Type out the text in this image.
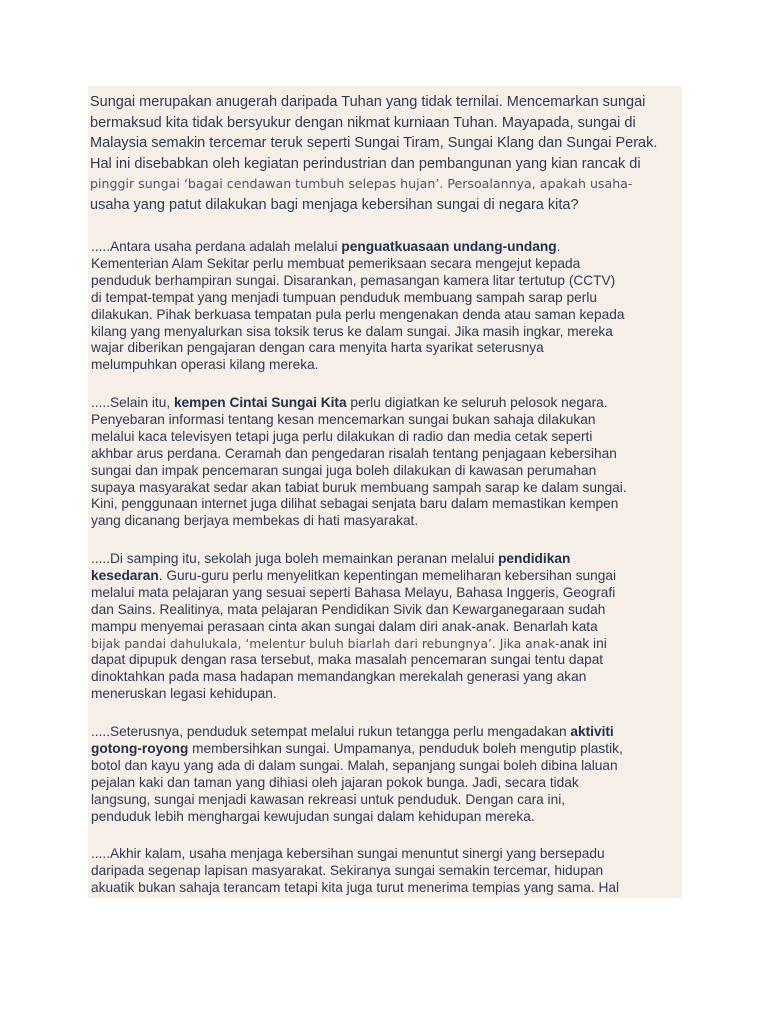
Sungai merupakan anugerah daripada Tuhan yang tidak ternilai. Mencemarkan sungai
bermaksud kita tidak bersyukur dengan nikmat kurniaan Tuhan. Mayapada, sungai di
Malaysia semakin tercemar teruk seperti Sungai Tiram, Sungai Klang dan Sungai Perak.
Hal ini disebabkan oleh kegiatan perindustrian dan pembangunan yang kian rancak di
pinggir sungai ‘bagai cendawan tumbuh selepas hujan’. Persoalannya, apakah usaha-
usaha yang patut dilakukan bagi menjaga kebersihan sungai di negara kita?
.....Antara usaha perdana adalah melalui penguatkuasaan undang-undang.
Kementerian Alam Sekitar perlu membuat pemeriksaan secara mengejut kepada
penduduk berhampiran sungai. Disarankan, pemasangan kamera litar tertutup (CCTV)
di tempat-tempat yang menjadi tumpuan penduduk membuang sampah sarap perlu
dilakukan. Pihak berkuasa tempatan pula perlu mengenakan denda atau saman kepada
kilang yang menyalurkan sisa toksik terus ke dalam sungai. Jika masih ingkar, mereka
wajar diberikan pengajaran dengan cara menyita harta syarikat seterusnya
melumpuhkan operasi kilang mereka.
.....Selain itu, kempen Cintai Sungai Kita perlu digiatkan ke seluruh pelosok negara.
Penyebaran informasi tentang kesan mencemarkan sungai bukan sahaja dilakukan
melalui kaca televisyen tetapi juga perlu dilakukan di radio dan media cetak seperti
akhbar arus perdana. Ceramah dan pengedaran risalah tentang penjagaan kebersihan
sungai dan impak pencemaran sungai juga boleh dilakukan di kawasan perumahan
supaya masyarakat sedar akan tabiat buruk membuang sampah sarap ke dalam sungai.
Kini, penggunaan internet juga dilihat sebagai senjata baru dalam memastikan kempen
yang dicanang berjaya membekas di hati masyarakat.
.....Di samping itu, sekolah juga boleh memainkan peranan melalui pendidikan
kesedaran. Guru-guru perlu menyelitkan kepentingan memeliharan kebersihan sungai
melalui mata pelajaran yang sesuai seperti Bahasa Melayu, Bahasa Inggeris, Geografi
dan Sains. Realitinya, mata pelajaran Pendidikan Sivik dan Kewarganegaraan sudah
mampu menyemai perasaan cinta akan sungai dalam diri anak-anak. Benarlah kata
bijak pandai dahulukala, ‘melentur buluh biarlah dari rebungnya’. Jika anak-anak ini
dapat dipupuk dengan rasa tersebut, maka masalah pencemaran sungai tentu dapat
dinoktahkan pada masa hadapan memandangkan merekalah generasi yang akan
meneruskan legasi kehidupan.
.....Seterusnya, penduduk setempat melalui rukun tetangga perlu mengadakan aktiviti
gotong-royong membersihkan sungai. Umpamanya, penduduk boleh mengutip plastik,
botol dan kayu yang ada di dalam sungai. Malah, sepanjang sungai boleh dibina laluan
pejalan kaki dan taman yang dihiasi oleh jajaran pokok bunga. Jadi, secara tidak
langsung, sungai menjadi kawasan rekreasi untuk penduduk. Dengan cara ini,
penduduk lebih menghargai kewujudan sungai dalam kehidupan mereka.
.....Akhir kalam, usaha menjaga kebersihan sungai menuntut sinergi yang bersepadu
daripada segenap lapisan masyarakat. Sekiranya sungai semakin tercemar, hidupan
akuatik bukan sahaja terancam tetapi kita juga turut menerima tempias yang sama. Hal
